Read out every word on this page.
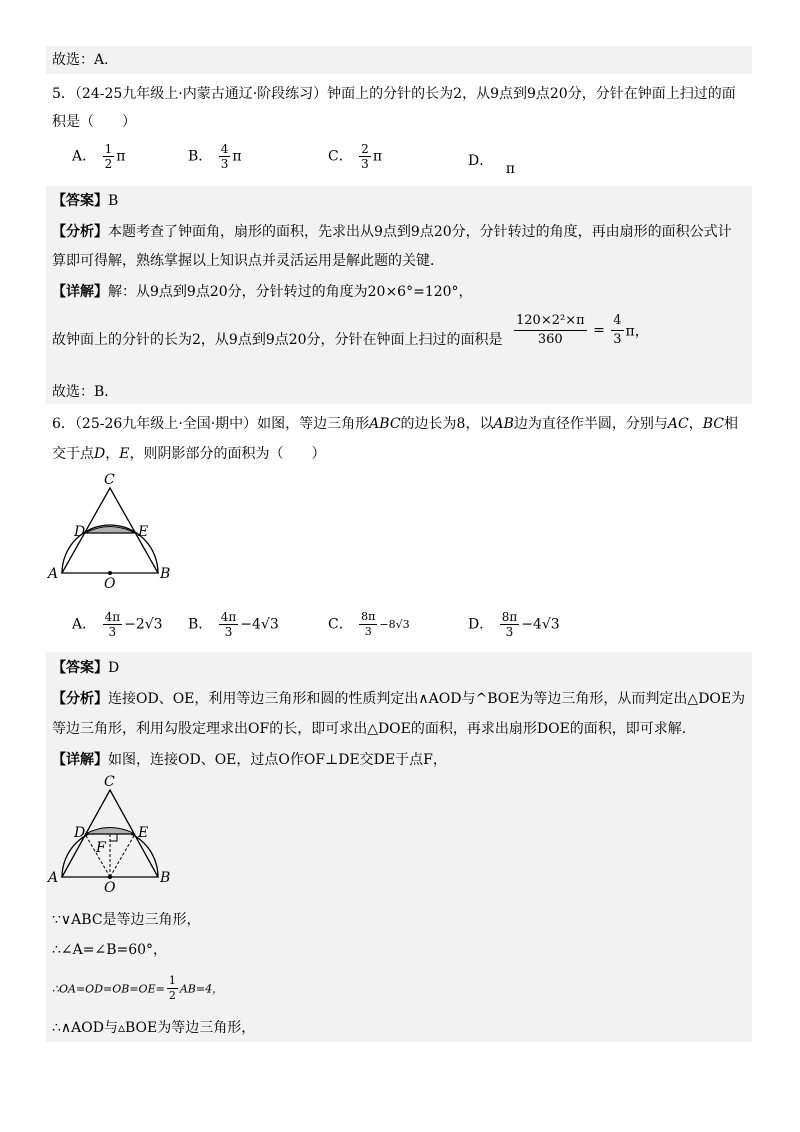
故选：A．
5．（24-25九年级上·内蒙古通辽·阶段练习）钟面上的分针的长为2，从9点到9点20分，分针在钟面上扫过的面
积是（　　）
A． $\frac{1}{2}$ π	B． $\frac{4}{3}$ π	C． $\frac{2}{3}$ π	D． π
【答案】B
【分析】本题考查了钟面角，扇形的面积，先求出从9点到9点20分，分针转过的角度，再由扇形的面积公式计
算即可得解，熟练掌握以上知识点并灵活运用是解此题的关键．
【详解】解：从9点到9点20分，分针转过的角度为20×6°=120°，
故钟面上的分针的长为2，从9点到9点20分，分针在钟面上扫过的面积是 $\frac{\text{120×2²×π}}{360} = \frac{4}{3}$ π，
故选：B．
6．（25-26九年级上·全国·期中）如图，等边三角形ABC的边长为8，以AB边为直径作半圆，分别与AC，BC相
交于点D，E，则阴影部分的面积为（　　）
C
D	E
A
O
B
A． $\frac{4\pi}{3} -2√3$ B． $\frac{4\pi}{3} -4√3$	C． $\frac{8\pi}{3} -8√3$	D． $\frac{8\pi}{3} -4√3$
【答案】D
【分析】连接OD、OE，利用等边三角形和圆的性质判定出∧AOD与^BOE为等边三角形，从而判定出△DOE为
等边三角形，利用勾股定理求出OF的长，即可求出△DOE的面积，再求出扇形DOE的面积，即可求解．
【详解】如图，连接OD、OE，过点O作OF⊥DE交DE于点F，
C
D	E
F
A
O
B
∵∨ABC是等边三角形，
∴∠A=∠B=60°，
∴OA=OD=OB=OE= $\frac{1}{2} AB=4$，
∴∧AOD与▵BOE为等边三角形，
